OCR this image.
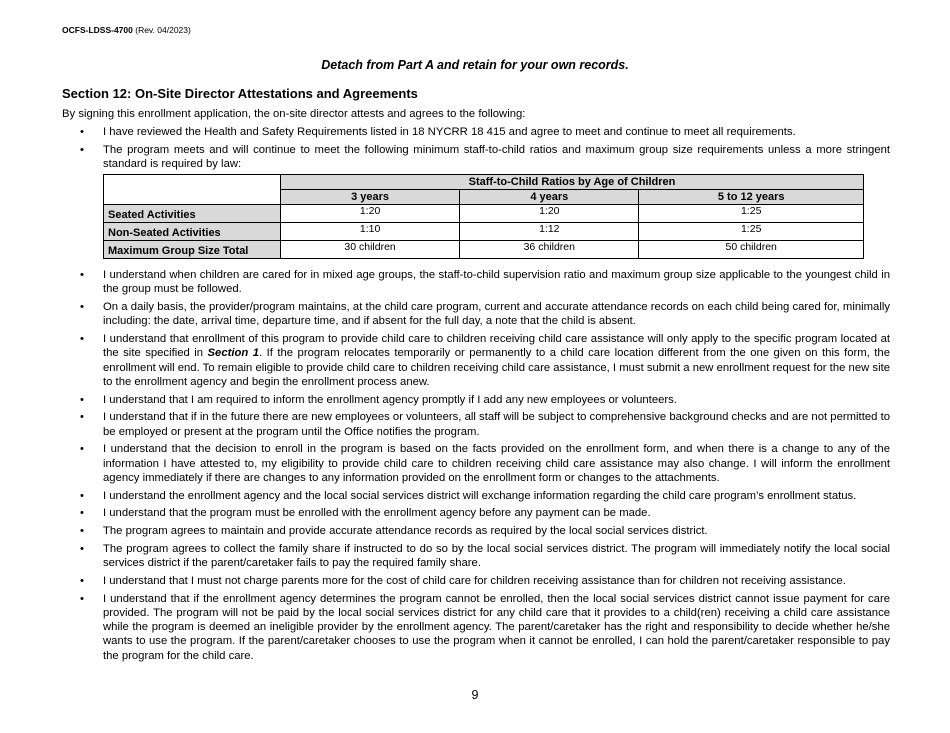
OCFS-LDSS-4700 (Rev. 04/2023)
Detach from Part A and retain for your own records.
Section 12: On-Site Director Attestations and Agreements
By signing this enrollment application, the on-site director attests and agrees to the following:
• I have reviewed the Health and Safety Requirements listed in 18 NYCRR 18 415 and agree to meet and continue to meet all requirements.
• The program meets and will continue to meet the following minimum staff-to-child ratios and maximum group size requirements unless a more stringent standard is required by law:
	Staff-to-Child Ratios by Age of Children		
	3 years	4 years	5 to 12 years
Seated Activities	1:20	1:20	1:25
Non-Seated Activities	1:10	1:12	1:25
Maximum Group Size Total	30 children	36 children	50 children
• I understand when children are cared for in mixed age groups, the staff-to-child supervision ratio and maximum group size applicable to the youngest child in the group must be followed.
• On a daily basis, the provider/program maintains, at the child care program, current and accurate attendance records on each child being cared for, minimally including: the date, arrival time, departure time, and if absent for the full day, a note that the child is absent.
• I understand that enrollment of this program to provide child care to children receiving child care assistance will only apply to the specific program located at the site specified in Section 1. If the program relocates temporarily or permanently to a child care location different from the one given on this form, the enrollment will end. To remain eligible to provide child care to children receiving child care assistance, I must submit a new enrollment request for the new site to the enrollment agency and begin the enrollment process anew.
• I understand that I am required to inform the enrollment agency promptly if I add any new employees or volunteers.
• I understand that if in the future there are new employees or volunteers, all staff will be subject to comprehensive background checks and are not permitted to be employed or present at the program until the Office notifies the program.
• I understand that the decision to enroll in the program is based on the facts provided on the enrollment form, and when there is a change to any of the information I have attested to, my eligibility to provide child care to children receiving child care assistance may also change. I will inform the enrollment agency immediately if there are changes to any information provided on the enrollment form or changes to the attachments.
• I understand the enrollment agency and the local social services district will exchange information regarding the child care program’s enrollment status.
• I understand that the program must be enrolled with the enrollment agency before any payment can be made.
• The program agrees to maintain and provide accurate attendance records as required by the local social services district.
• The program agrees to collect the family share if instructed to do so by the local social services district. The program will immediately notify the local social services district if the parent/caretaker fails to pay the required family share.
• I understand that I must not charge parents more for the cost of child care for children receiving assistance than for children not receiving assistance.
• I understand that if the enrollment agency determines the program cannot be enrolled, then the local social services district cannot issue payment for care provided. The program will not be paid by the local social services district for any child care that it provides to a child(ren) receiving a child care assistance while the program is deemed an ineligible provider by the enrollment agency. The parent/caretaker has the right and responsibility to decide whether he/she wants to use the program. If the parent/caretaker chooses to use the program when it cannot be enrolled, I can hold the parent/caretaker responsible to pay the program for the child care.
9
